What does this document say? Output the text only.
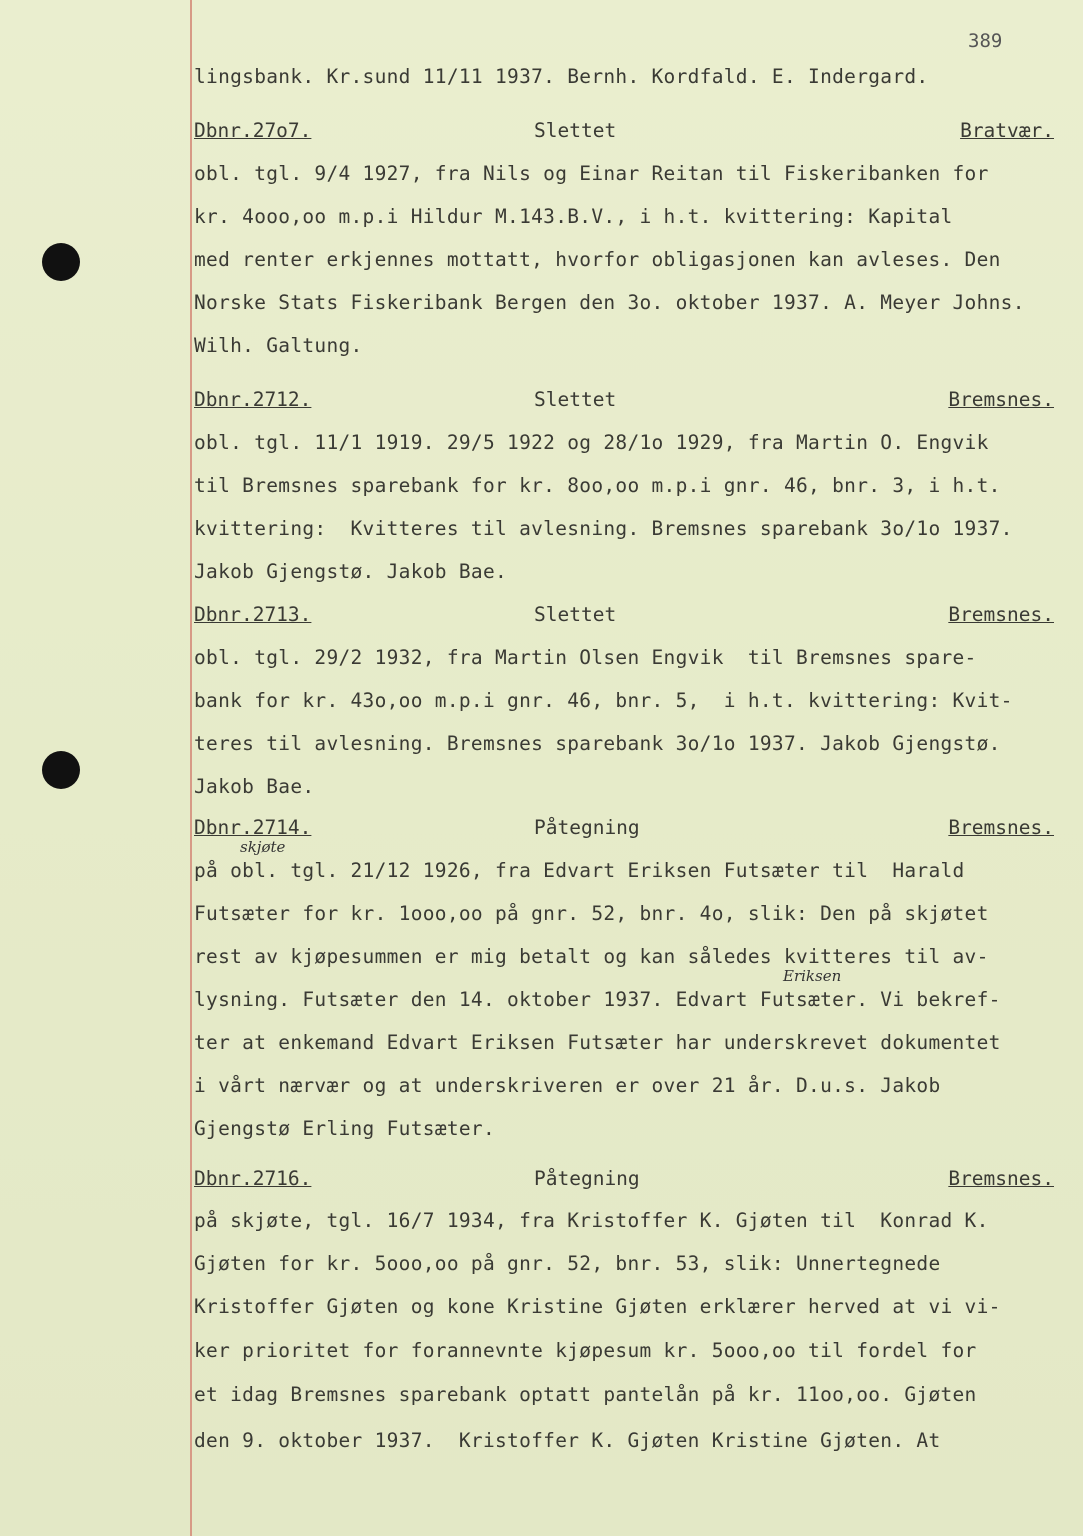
389
lingsbank. Kr.sund 11/11 1937. Bernh. Kordfald. E. Indergard.
Dbnr.27o7.	Slettet	Bratvær.
obl. tgl. 9/4 1927, fra Nils og Einar Reitan til Fiskeribanken for
kr. 4ooo,oo m.p.i Hildur M.143.B.V., i h.t. kvittering: Kapital
med renter erkjennes mottatt, hvorfor obligasjonen kan avleses. Den
Norske Stats Fiskeribank Bergen den 3o. oktober 1937. A. Meyer Johns.
Wilh. Galtung.
Dbnr.2712.	Slettet	Bremsnes.
obl. tgl. 11/1 1919. 29/5 1922 og 28/1o 1929, fra Martin O. Engvik
til Bremsnes sparebank for kr. 8oo,oo m.p.i gnr. 46, bnr. 3, i h.t.
kvittering:  Kvitteres til avlesning. Bremsnes sparebank 3o/1o 1937.
Jakob Gjengstø. Jakob Bae.
Dbnr.2713.	Slettet	Bremsnes.
obl. tgl. 29/2 1932, fra Martin Olsen Engvik  til Bremsnes spare-
bank for kr. 43o,oo m.p.i gnr. 46, bnr. 5,  i h.t. kvittering: Kvit-
teres til avlesning. Bremsnes sparebank 3o/1o 1937. Jakob Gjengstø.
Jakob Bae.
Dbnr.2714.	Påtegning	Bremsnes.
skjøte
på obl. tgl. 21/12 1926, fra Edvart Eriksen Futsæter til  Harald
Futsæter for kr. 1ooo,oo på gnr. 52, bnr. 4o, slik: Den på skjøtet
rest av kjøpesummen er mig betalt og kan således kvitteres til av-
Eriksen
lysning. Futsæter den 14. oktober 1937. Edvart Futsæter. Vi bekref-
ter at enkemand Edvart Eriksen Futsæter har underskrevet dokumentet
i vårt nærvær og at underskriveren er over 21 år. D.u.s. Jakob
Gjengstø Erling Futsæter.
Dbnr.2716.	Påtegning	Bremsnes.
på skjøte, tgl. 16/7 1934, fra Kristoffer K. Gjøten til  Konrad K.
Gjøten for kr. 5ooo,oo på gnr. 52, bnr. 53, slik: Unnertegnede
Kristoffer Gjøten og kone Kristine Gjøten erklærer herved at vi vi-
ker prioritet for forannevnte kjøpesum kr. 5ooo,oo til fordel for
et idag Bremsnes sparebank optatt pantelån på kr. 11oo,oo. Gjøten
den 9. oktober 1937.  Kristoffer K. Gjøten Kristine Gjøten. At
